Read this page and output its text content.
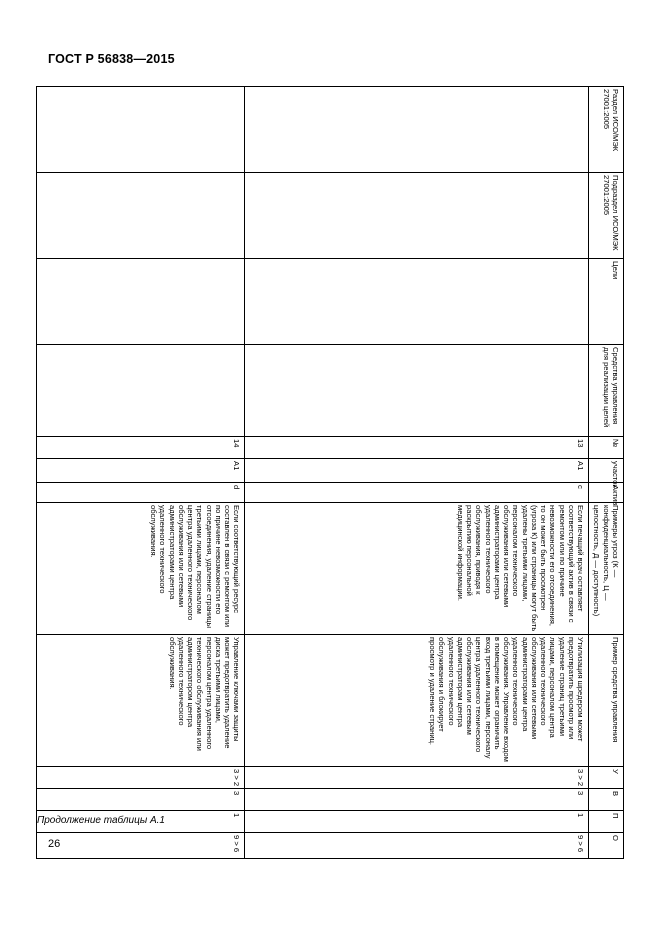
ГОСТ Р 56838—2015
26
Продолжение таблицы А.1
Раздел ИСО/МЭК 27001:2005	Подраздел ИСО/МЭК 27001:2005	Цели	Средства управления для реализации целей	№	участок	Актив	Примеры угроз (К — конфиденциальность, Ц — целостность, Д — доступность)	Пример средства управления	У	В	П	О
				13	А1	c	Если печащий врач оставляет соответствующий актив в связи с ремонтом или по причине невозможности его отсоединения, то он может быть просмотрен (угроза К) или страницы могут быть удалены третьими лицами, персоналом технического обслуживания или сетевыми администраторами центра удаленного технического обслуживания, приводя к раскрытию персональной медицинской информации.	Утилизация шредером может предотвратить просмотр или удаление страниц третьими лицами, персоналом центра удаленного технического обслуживания или сетевыми администраторами центра удаленного технического обслуживания. Управление входом в помещение может ограничить вход третьими лицами, персоналу центра удаленного технического обслуживания или сетевым администраторам центра удаленного технического обслуживания и блокирует просмотр и удаление страниц.	3 > 2	3	1	9 > 6
				14	А1	d	Если соответствующий ресурс составлен в связи с ремонтом или по причине невозможности его отсоединения, удаление страницы третьими лицами, персоналом центра удаленного технического обслуживания или сетевыми администраторами центра удаленного технического обслуживания.	Управление ключами защиты может предотвратить удаление диска третьими лицами, персоналом центра удаленного технического обслуживания или администратором центра удаленного технического обслуживания.	3 > 2	3	1	9 > 6
